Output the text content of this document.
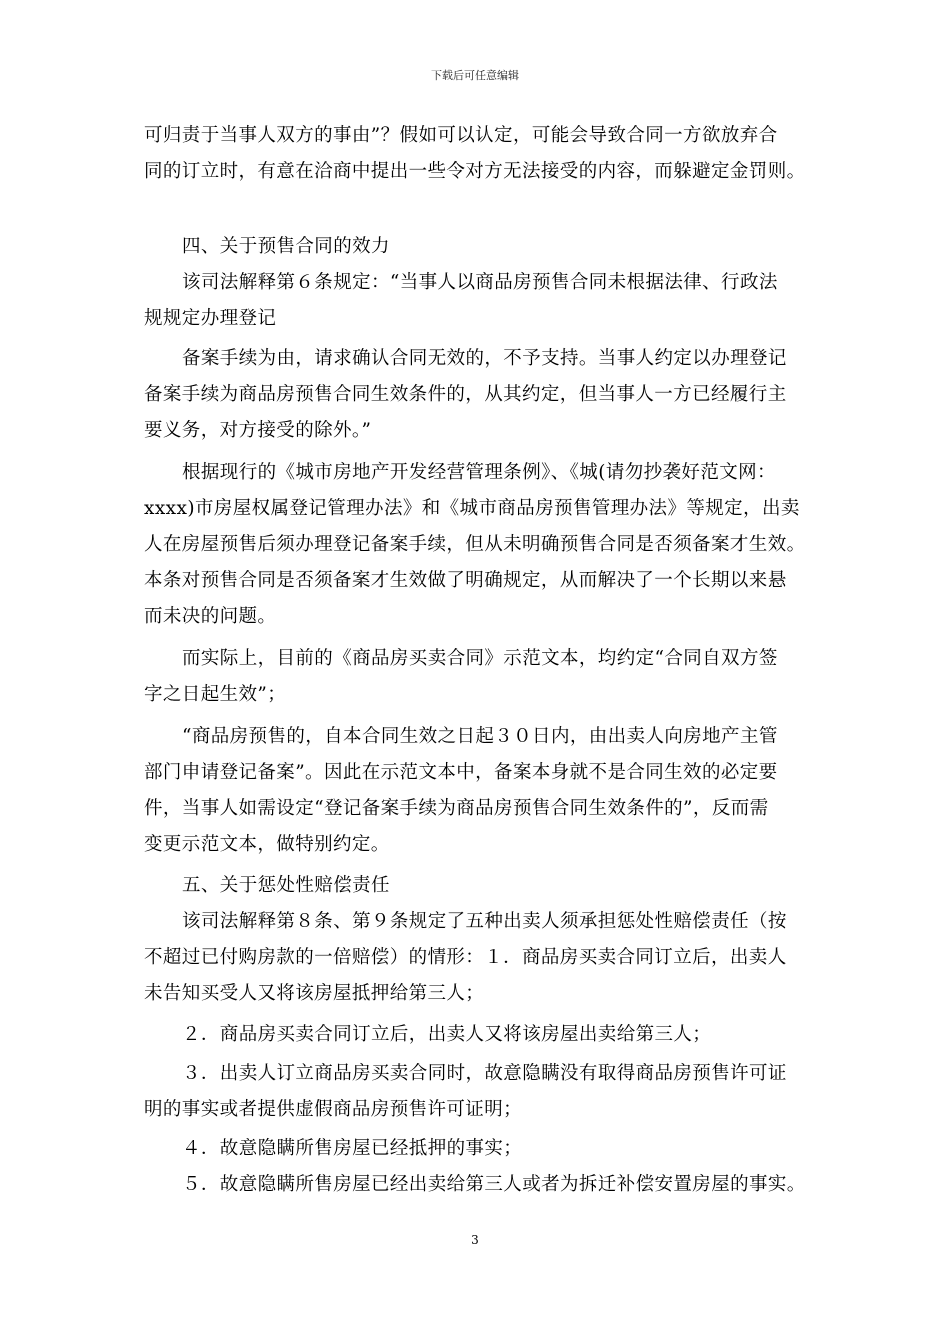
下载后可任意编辑
可归责于当事人双方的事由”？假如可以认定，可能会导致合同一方欲放弃合
同的订立时，有意在洽商中提出一些令对方无法接受的内容，而躲避定金罚则。
四、关于预售合同的效力
该司法解释第６条规定：“当事人以商品房预售合同未根据法律、行政法
规规定办理登记
备案手续为由，请求确认合同无效的，不予支持。当事人约定以办理登记
备案手续为商品房预售合同生效条件的，从其约定，但当事人一方已经履行主
要义务，对方接受的除外。”
根据现行的《城市房地产开发经营管理条例》、《城(请勿抄袭好范文网：
xxxx)市房屋权属登记管理办法》和《城市商品房预售管理办法》等规定，出卖
人在房屋预售后须办理登记备案手续，但从未明确预售合同是否须备案才生效。
本条对预售合同是否须备案才生效做了明确规定，从而解决了一个长期以来悬
而未决的问题。
而实际上，目前的《商品房买卖合同》示范文本，均约定“合同自双方签
字之日起生效”；
“商品房预售的，自本合同生效之日起３０日内，由出卖人向房地产主管
部门申请登记备案”。因此在示范文本中，备案本身就不是合同生效的必定要
件，当事人如需设定“登记备案手续为商品房预售合同生效条件的”，反而需
变更示范文本，做特别约定。
五、关于惩处性赔偿责任
该司法解释第８条、第９条规定了五种出卖人须承担惩处性赔偿责任（按
不超过已付购房款的一倍赔偿）的情形：１．商品房买卖合同订立后，出卖人
未告知买受人又将该房屋抵押给第三人；
２．商品房买卖合同订立后，出卖人又将该房屋出卖给第三人；
３．出卖人订立商品房买卖合同时，故意隐瞒没有取得商品房预售许可证
明的事实或者提供虚假商品房预售许可证明；
４．故意隐瞒所售房屋已经抵押的事实；
５．故意隐瞒所售房屋已经出卖给第三人或者为拆迁补偿安置房屋的事实。
3
